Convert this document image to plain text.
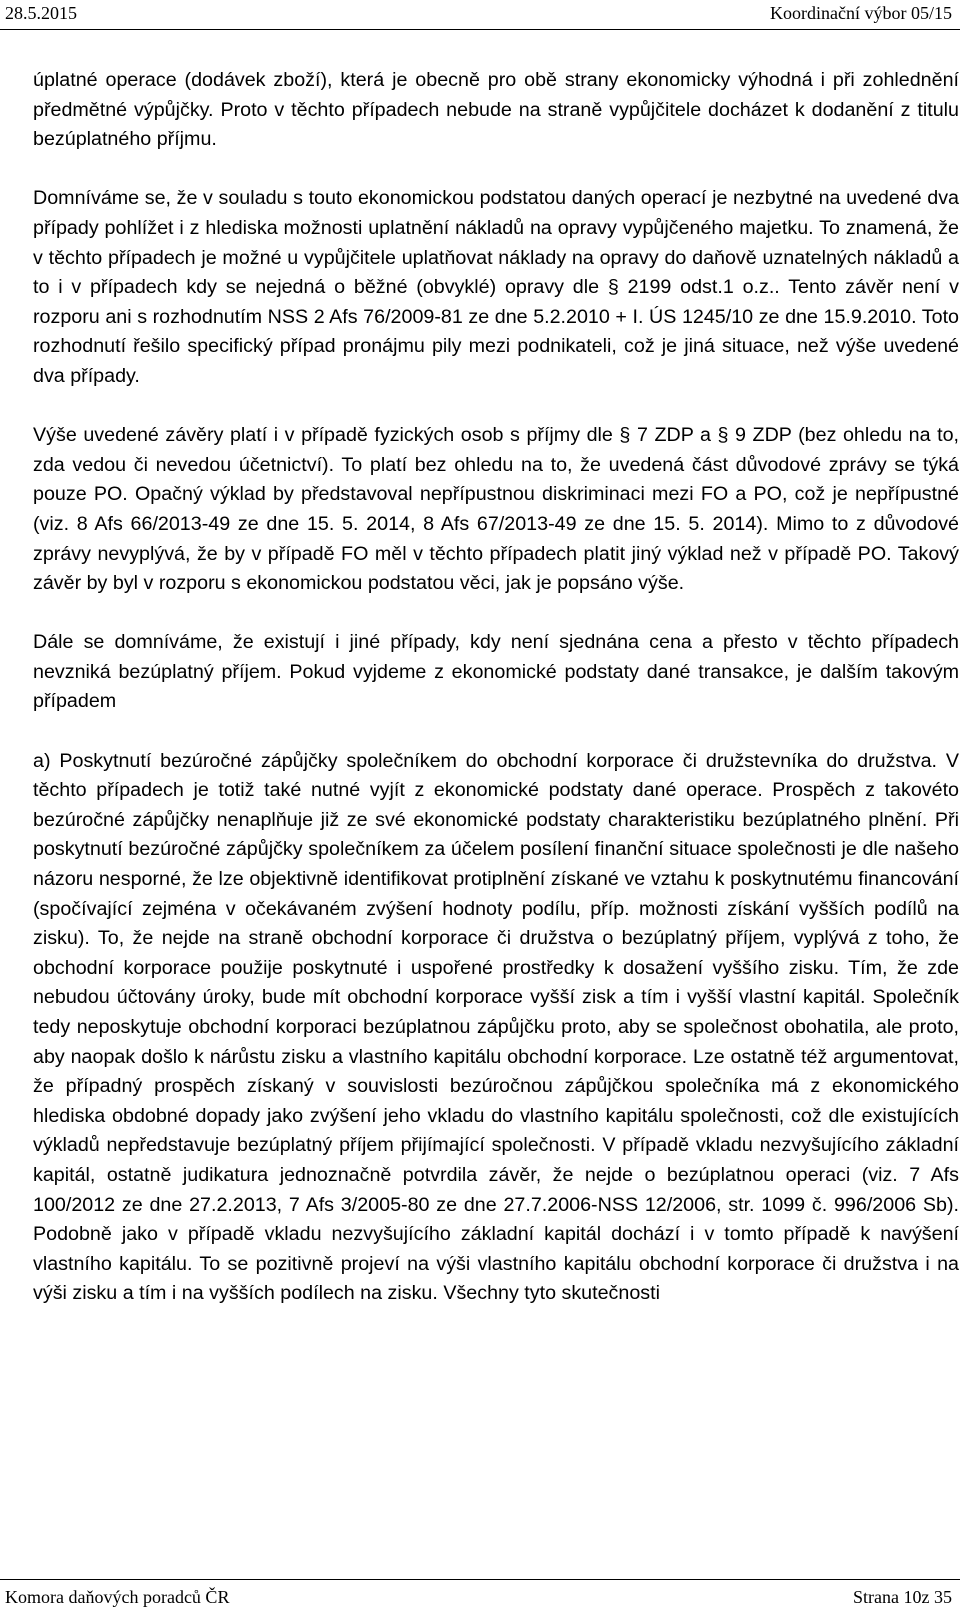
28.5.2015	Koordinační výbor 05/15

úplatné operace (dodávek zboží), která je obecně pro obě strany ekonomicky výhodná i při zohlednění předmětné výpůjčky. Proto v těchto případech nebude na straně vypůjčitele docházet k dodanění z titulu bezúplatného příjmu.

Domníváme se, že v souladu s touto ekonomickou podstatou daných operací je nezbytné na uvedené dva případy pohlížet i z hlediska možnosti uplatnění nákladů na opravy vypůjčeného majetku. To znamená, že v těchto případech je možné u vypůjčitele uplatňovat náklady na opravy do daňově uznatelných nákladů a to i v případech kdy se nejedná o běžné (obvyklé) opravy dle § 2199 odst.1 o.z.. Tento závěr není v rozporu ani s rozhodnutím NSS 2 Afs 76/2009-81 ze dne 5.2.2010 + I. ÚS 1245/10 ze dne 15.9.2010. Toto rozhodnutí řešilo specifický případ pronájmu pily mezi podnikateli, což je jiná situace, než výše uvedené dva případy.

Výše uvedené závěry platí i v případě fyzických osob s příjmy dle § 7 ZDP a § 9 ZDP (bez ohledu na to, zda vedou či nevedou účetnictví). To platí bez ohledu na to, že uvedená část důvodové zprávy se týká pouze PO. Opačný výklad by představoval nepřípustnou diskriminaci mezi FO a PO, což je nepřípustné (viz. 8 Afs 66/2013-49 ze dne 15. 5. 2014, 8 Afs 67/2013-49 ze dne 15. 5. 2014). Mimo to z důvodové zprávy nevyplývá, že by v případě FO měl v těchto případech platit jiný výklad než v případě PO. Takový závěr by byl v rozporu s ekonomickou podstatou věci, jak je popsáno výše.

Dále se domníváme, že existují i jiné případy, kdy není sjednána cena a přesto v těchto případech nevzniká bezúplatný příjem. Pokud vyjdeme z ekonomické podstaty dané transakce, je dalším takovým případem

a) Poskytnutí bezúročné zápůjčky společníkem do obchodní korporace či družstevníka do družstva. V těchto případech je totiž také nutné vyjít z ekonomické podstaty dané operace. Prospěch z takovéto bezúročné zápůjčky nenaplňuje již ze své ekonomické podstaty charakteristiku bezúplatného plnění. Při poskytnutí bezúročné zápůjčky společníkem za účelem posílení finanční situace společnosti je dle našeho názoru nesporné, že lze objektivně identifikovat protiplnění získané ve vztahu k poskytnutému financování (spočívající zejména v očekávaném zvýšení hodnoty podílu, příp. možnosti získání vyšších podílů na zisku). To, že nejde na straně obchodní korporace či družstva o bezúplatný příjem, vyplývá z toho, že obchodní korporace použije poskytnuté i uspořené prostředky k dosažení vyššího zisku. Tím, že zde nebudou účtovány úroky, bude mít obchodní korporace vyšší zisk a tím i vyšší vlastní kapitál. Společník tedy neposkytuje obchodní korporaci bezúplatnou zápůjčku proto, aby se společnost obohatila, ale proto, aby naopak došlo k nárůstu zisku a vlastního kapitálu obchodní korporace. Lze ostatně též argumentovat, že případný prospěch získaný v souvislosti bezúročnou zápůjčkou společníka má z ekonomického hlediska obdobné dopady jako zvýšení jeho vkladu do vlastního kapitálu společnosti, což dle existujících výkladů nepředstavuje bezúplatný příjem přijímající společnosti. V případě vkladu nezvyšujícího základní kapitál, ostatně judikatura jednoznačně potvrdila závěr, že nejde o bezúplatnou operaci (viz. 7 Afs 100/2012 ze dne 27.2.2013, 7 Afs 3/2005-80 ze dne 27.7.2006-NSS 12/2006, str. 1099 č. 996/2006 Sb). Podobně jako v případě vkladu nezvyšujícího základní kapitál dochází i v tomto případě k navýšení vlastního kapitálu. To se pozitivně projeví na výši vlastního kapitálu obchodní korporace či družstva i na výši zisku a tím i na vyšších podílech na zisku. Všechny tyto skutečnosti

Komora daňových poradců ČR	Strana 10z 35
